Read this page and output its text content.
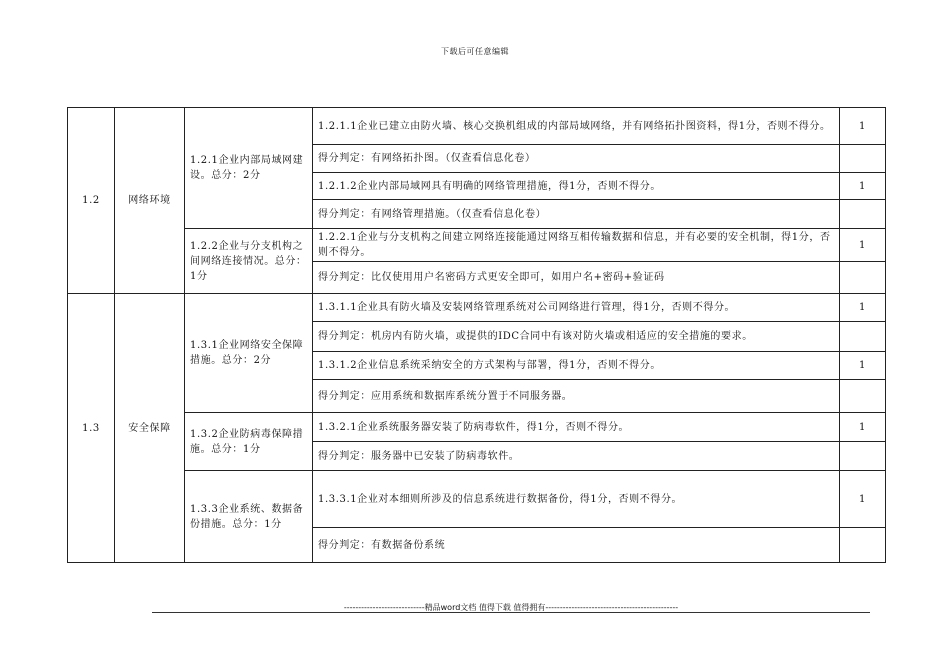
下载后可任意编辑
1.2	网络环境	1.2.1企业内部局域网建设。总分：2分	1.2.1.1企业已建立由防火墙、核心交换机组成的内部局域网络，并有网络拓扑图资料，得1分，否则不得分。	1
			得分判定：有网络拓扑图。（仅查看信息化卷）	
			1.2.1.2企业内部局域网具有明确的网络管理措施，得1分，否则不得分。	1
			得分判定：有网络管理措施。（仅查看信息化卷）	
		1.2.2企业与分支机构之间网络连接情况。总分：1分	1.2.2.1企业与分支机构之间建立网络连接能通过网络互相传输数据和信息，并有必要的安全机制，得1分，否则不得分。	1
			得分判定：比仅使用用户名密码方式更安全即可，如用户名+密码+验证码	
1.3	安全保障	1.3.1企业网络安全保障措施。总分：2分	1.3.1.1企业具有防火墙及安装网络管理系统对公司网络进行管理，得1分，否则不得分。	1
			得分判定：机房内有防火墙，或提供的IDC合同中有该对防火墙或相适应的安全措施的要求。	
			1.3.1.2企业信息系统采纳安全的方式架构与部署，得1分，否则不得分。	1
			得分判定：应用系统和数据库系统分置于不同服务器。	
		1.3.2企业防病毒保障措施。总分：1分	1.3.2.1企业系统服务器安装了防病毒软件，得1分，否则不得分。	1
			得分判定：服务器中已安装了防病毒软件。	
		1.3.3企业系统、数据备份措施。总分：1分	1.3.3.1企业对本细则所涉及的信息系统进行数据备份，得1分，否则不得分。	1
			得分判定：有数据备份系统	
----------------------------精品word文档 值得下载 值得拥有----------------------------------------------
